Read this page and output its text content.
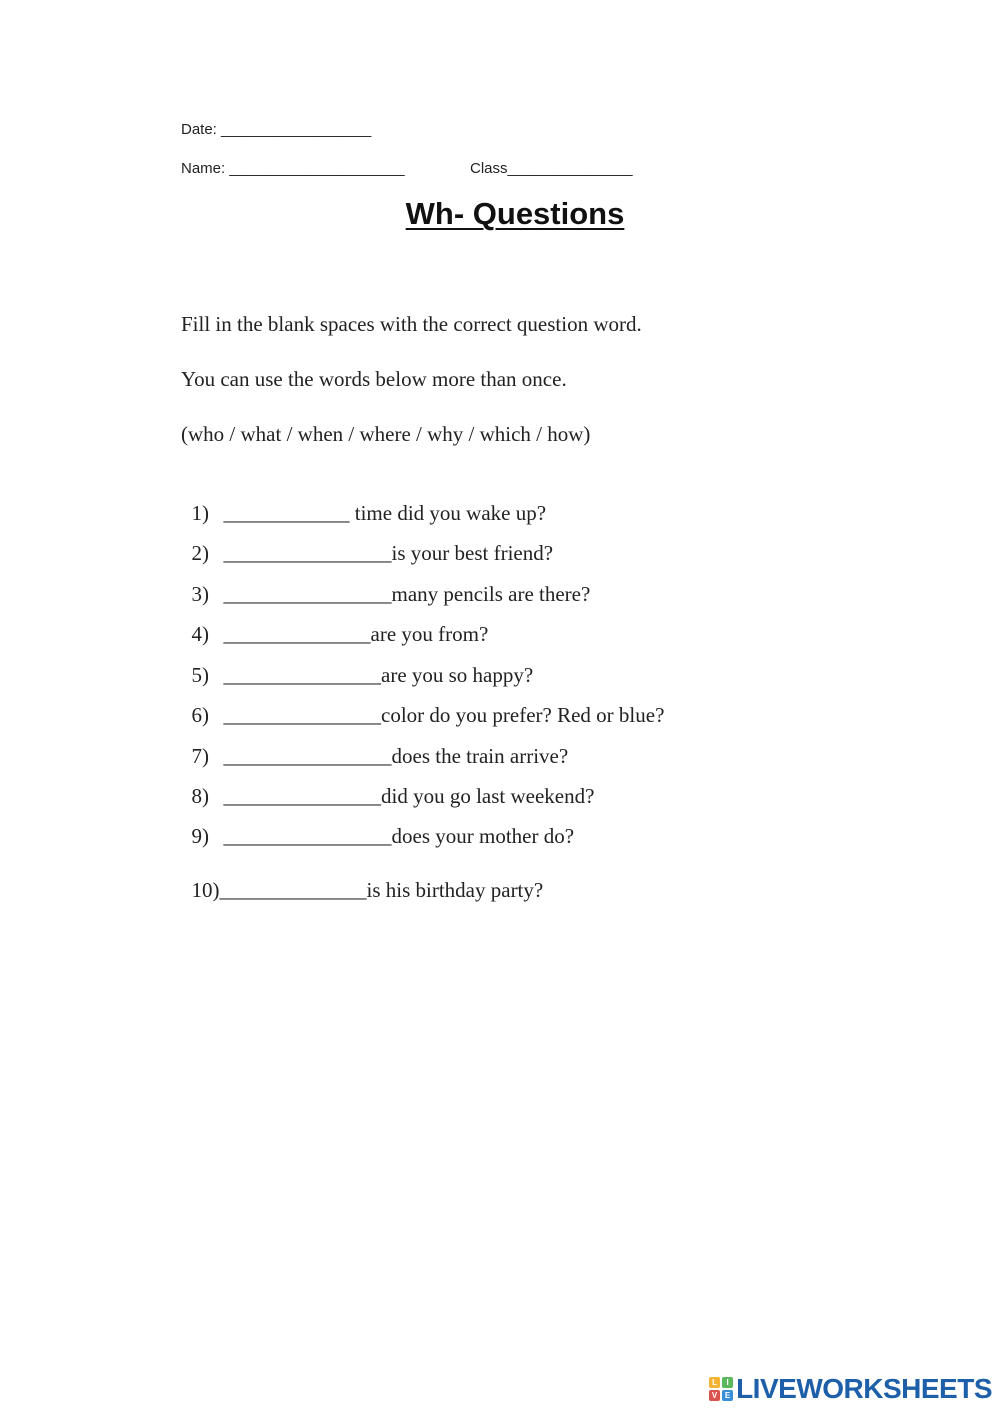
Date: __________________
Name: _____________________	Class_______________
Wh- Questions
Fill in the blank spaces with the correct question word.
You can use the words below more than once.
(who / what / when / where / why / which / how)

1) ____________ time did you wake up?

2) ________________is your best friend?

3) ________________many pencils are there?

4) ______________are you from?

5) _______________are you so happy?

6) _______________color do you prefer? Red or blue?

7) ________________does the train arrive?

8) _______________did you go last weekend?

9) ________________does your mother do?

10)______________is his birthday party?

L	I
V E LIVEWORKSHEETS
